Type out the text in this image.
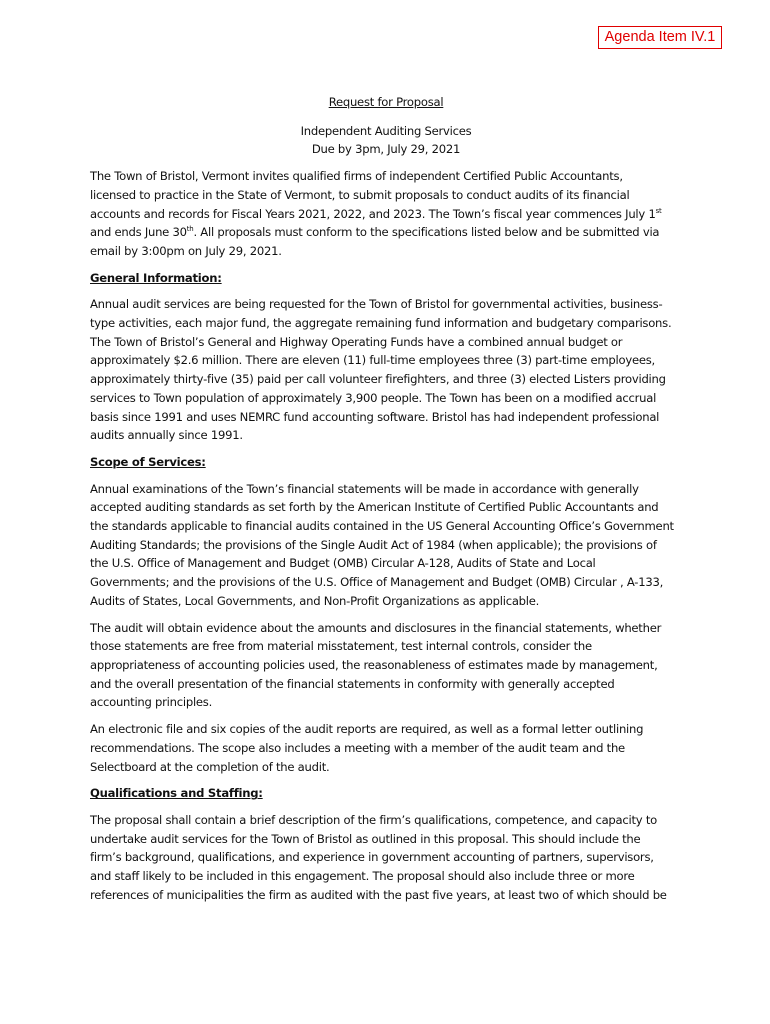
Agenda Item IV.1
Request for Proposal
Independent Auditing Services
Due by 3pm, July 29, 2021

The Town of Bristol, Vermont invites qualified firms of independent Certified Public Accountants,
licensed to practice in the State of Vermont, to submit proposals to conduct audits of its financial
accounts and records for Fiscal Years 2021, 2022, and 2023. The Town’s fiscal year commences July 1st
and ends June 30th. All proposals must conform to the specifications listed below and be submitted via
email by 3:00pm on July 29, 2021.

General Information:

Annual audit services are being requested for the Town of Bristol for governmental activities, business-
type activities, each major fund, the aggregate remaining fund information and budgetary comparisons.
The Town of Bristol’s General and Highway Operating Funds have a combined annual budget or
approximately $2.6 million. There are eleven (11) full-time employees three (3) part-time employees,
approximately thirty-five (35) paid per call volunteer firefighters, and three (3) elected Listers providing
services to Town population of approximately 3,900 people. The Town has been on a modified accrual
basis since 1991 and uses NEMRC fund accounting software. Bristol has had independent professional
audits annually since 1991.

Scope of Services:

Annual examinations of the Town’s financial statements will be made in accordance with generally
accepted auditing standards as set forth by the American Institute of Certified Public Accountants and
the standards applicable to financial audits contained in the US General Accounting Office’s Government
Auditing Standards; the provisions of the Single Audit Act of 1984 (when applicable); the provisions of
the U.S. Office of Management and Budget (OMB) Circular A-128, Audits of State and Local
Governments; and the provisions of the U.S. Office of Management and Budget (OMB) Circular , A-133,
Audits of States, Local Governments, and Non-Profit Organizations as applicable.

The audit will obtain evidence about the amounts and disclosures in the financial statements, whether
those statements are free from material misstatement, test internal controls, consider the
appropriateness of accounting policies used, the reasonableness of estimates made by management,
and the overall presentation of the financial statements in conformity with generally accepted
accounting principles.

An electronic file and six copies of the audit reports are required, as well as a formal letter outlining
recommendations. The scope also includes a meeting with a member of the audit team and the
Selectboard at the completion of the audit.

Qualifications and Staffing:

The proposal shall contain a brief description of the firm’s qualifications, competence, and capacity to
undertake audit services for the Town of Bristol as outlined in this proposal. This should include the
firm’s background, qualifications, and experience in government accounting of partners, supervisors,
and staff likely to be included in this engagement. The proposal should also include three or more
references of municipalities the firm as audited with the past five years, at least two of which should be
